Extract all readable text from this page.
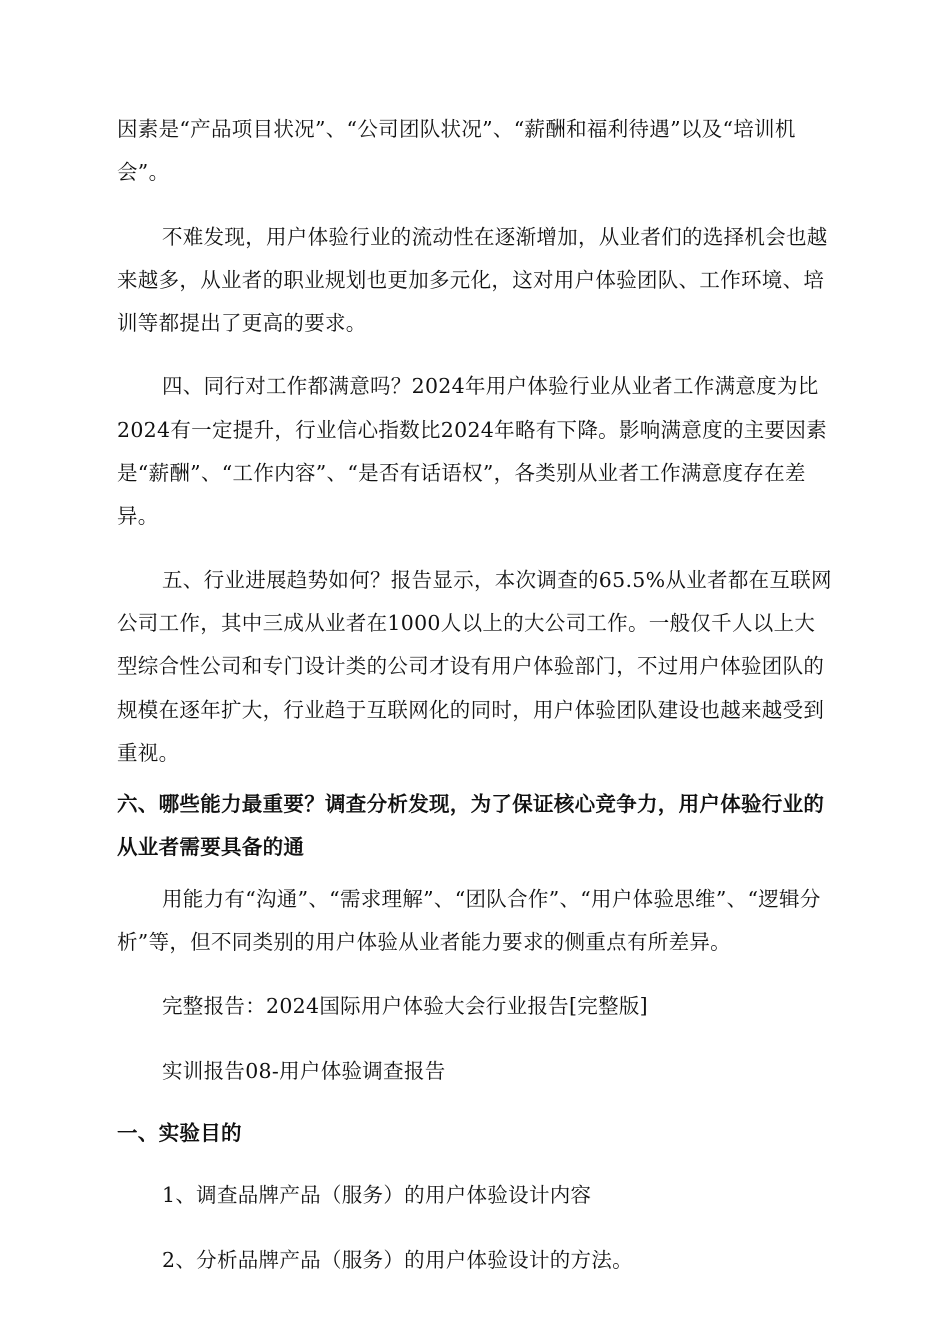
因素是“产品项目状况”、“公司团队状况”、“薪酬和福利待遇”以及“培训机会”。

不难发现，用户体验行业的流动性在逐渐增加，从业者们的选择机会也越来越多，从业者的职业规划也更加多元化，这对用户体验团队、工作环境、培训等都提出了更高的要求。

四、同行对工作都满意吗？2024年用户体验行业从业者工作满意度为比2024有一定提升，行业信心指数比2024年略有下降。影响满意度的主要因素是“薪酬”、“工作内容”、“是否有话语权”，各类别从业者工作满意度存在差异。

五、行业进展趋势如何？报告显示，本次调查的65.5%从业者都在互联网公司工作，其中三成从业者在1000人以上的大公司工作。一般仅千人以上大型综合性公司和专门设计类的公司才设有用户体验部门，不过用户体验团队的规模在逐年扩大，行业趋于互联网化的同时，用户体验团队建设也越来越受到重视。

六、哪些能力最重要？调查分析发现，为了保证核心竞争力，用户体验行业的从业者需要具备的通

用能力有“沟通”、“需求理解”、“团队合作”、“用户体验思维”、“逻辑分析”等，但不同类别的用户体验从业者能力要求的侧重点有所差异。

完整报告：2024国际用户体验大会行业报告[完整版]

实训报告08-用户体验调查报告

一、实验目的

1、调查品牌产品（服务）的用户体验设计内容

2、分析品牌产品（服务）的用户体验设计的方法。
